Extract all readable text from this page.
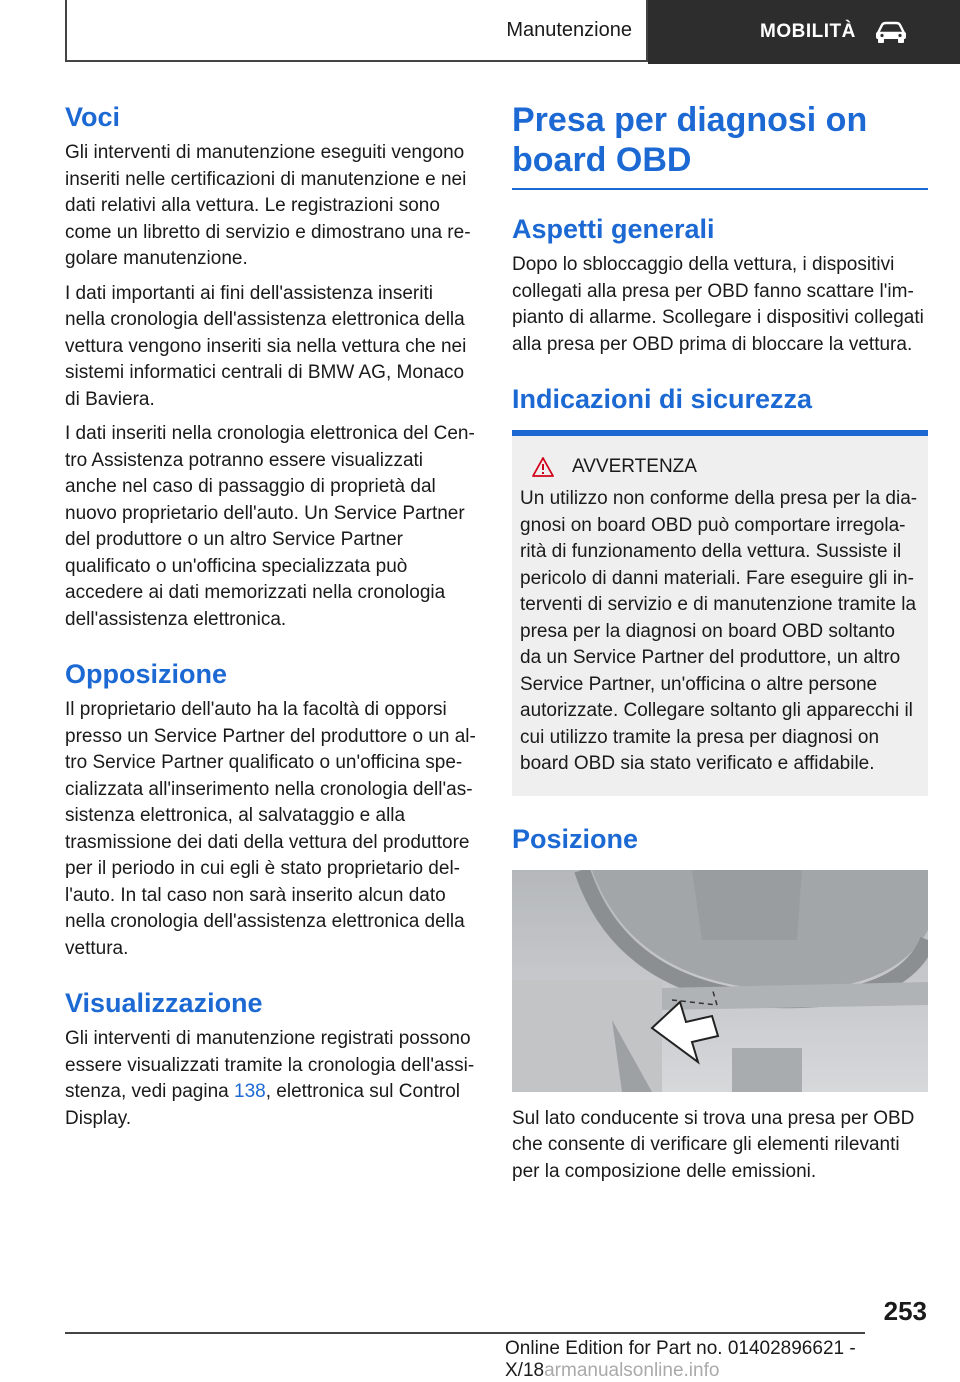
Manutenzione	MOBILITÀ
Voci

Gli interventi di manutenzione eseguiti vengono inseriti nelle certificazioni di manutenzione e nei dati relativi alla vettura. Le registrazioni sono come un libretto di servizio e dimostrano una regolare manutenzione.

I dati importanti ai fini dell'assistenza inseriti nella cronologia dell'assistenza elettronica della vettura vengono inseriti sia nella vettura che nei sistemi informatici centrali di BMW AG, Monaco di Baviera.

I dati inseriti nella cronologia elettronica del Centro Assistenza potranno essere visualizzati anche nel caso di passaggio di proprietà dal nuovo proprietario dell'auto. Un Service Partner del produttore o un altro Service Partner qualificato o un'officina specializzata può accedere ai dati memorizzati nella cronologia dell'assistenza elettronica.

Opposizione

Il proprietario dell'auto ha la facoltà di opporsi presso un Service Partner del produttore o un altro Service Partner qualificato o un'officina specializzata all'inserimento nella cronologia dell'assistenza elettronica, al salvataggio e alla trasmissione dei dati della vettura del produttore per il periodo in cui egli è stato proprietario dell'auto. In tal caso non sarà inserito alcun dato nella cronologia dell'assistenza elettronica della vettura.

Visualizzazione

Gli interventi di manutenzione registrati possono essere visualizzati tramite la cronologia dell'assistenza, vedi pagina 138, elettronica sul Control Display.

Presa per diagnosi on board OBD
Aspetti generali

Dopo lo sbloccaggio della vettura, i dispositivi collegati alla presa per OBD fanno scattare l'impianto di allarme. Scollegare i dispositivi collegati alla presa per OBD prima di bloccare la vettura.

Indicazioni di sicurezza
AVVERTENZA

Un utilizzo non conforme della presa per la diagnosi on board OBD può comportare irregolarità di funzionamento della vettura. Sussiste il pericolo di danni materiali. Fare eseguire gli interventi di servizio e di manutenzione tramite la presa per la diagnosi on board OBD soltanto da un Service Partner del produttore, un altro Service Partner, un'officina o altre persone autorizzate. Collegare soltanto gli apparecchi il cui utilizzo tramite la presa per diagnosi on board OBD sia stato verificato e affidabile.

Posizione

Sul lato conducente si trova una presa per OBD che consente di verificare gli elementi rilevanti per la composizione delle emissioni.

253
Online Edition for Part no. 01402896621 - X/18armanualsonline.info
